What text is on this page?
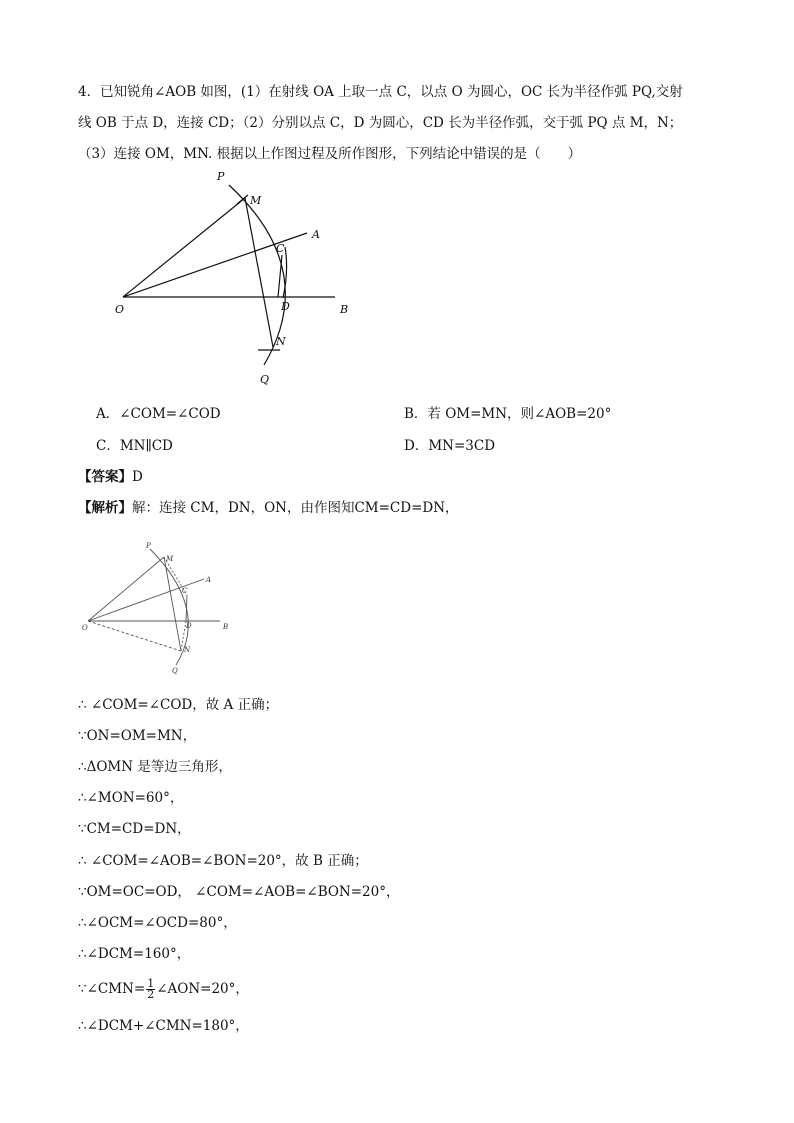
4．已知锐角∠AOB 如图，(1）在射线 OA 上取一点 C，以点 O 为圆心，OC 长为半径作弧 PQ,交射
线 OB 于点 D，连接 CD；（2）分别以点 C，D 为圆心，CD 长为半径作弧，交于弧 PQ 点 M，N；
（3）连接 OM，MN. 根据以上作图过程及所作图形，下列结论中错误的是（　　）
P
M
A
C
O	D	B
N
Q
A．∠COM=∠COD	B．若 OM=MN，则∠AOB=20°
C．MN∥CD	D．MN=3CD
【答案】D
【解析】解：连接 CM，DN，ON，由作图知CM=CD=DN，
P
M
A
C
O	D	B
N
Q
∴ ∠COM=∠COD，故 A 正确；
∵ON=OM=MN，
∴ΔOMN 是等边三角形，
∴∠MON=60°，
∵CM=CD=DN，
∴ ∠COM=∠AOB=∠BON=20°，故 B 正确；
∵OM=OC=OD， ∠COM=∠AOB=∠BON=20°，
∴∠OCM=∠OCD=80°，
∴∠DCM=160°，
∵∠CMN= $\frac{1}{2}$ ∠AON=20°，
∴∠DCM+∠CMN=180°，
